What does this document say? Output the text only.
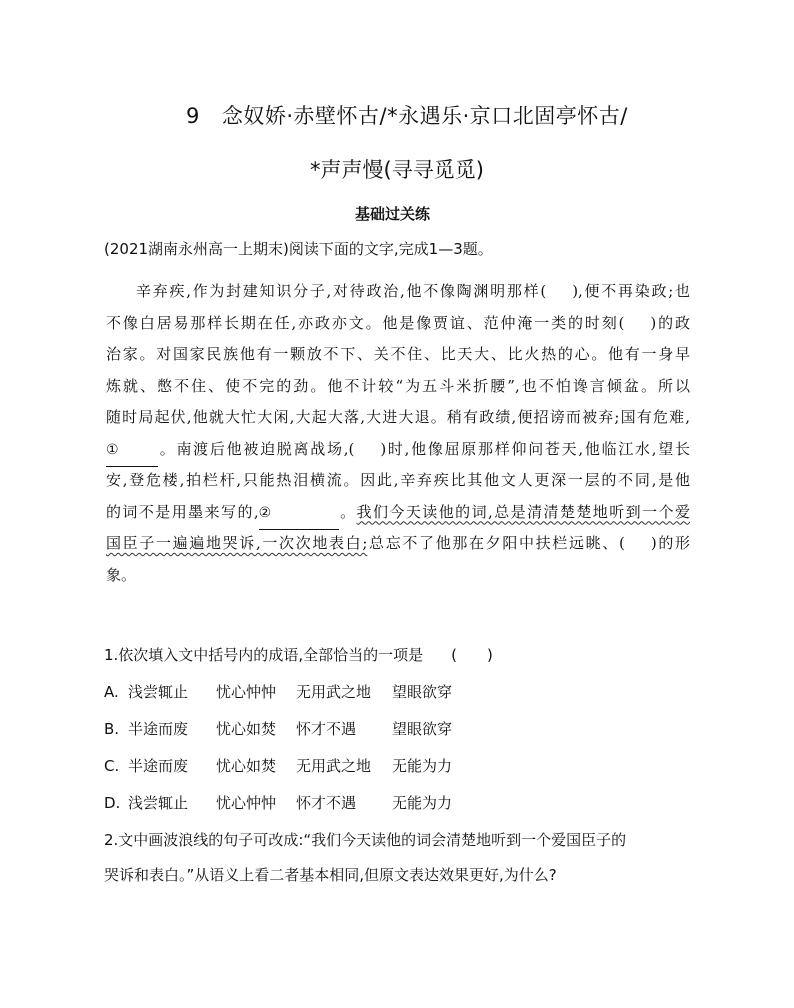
9 念奴娇·赤壁怀古/*永遇乐·京口北固亭怀古/
*声声慢(寻寻觅觅)
基础过关练
(2021湖南永州高一上期末)阅读下面的文字,完成1—3题。
辛弃疾,作为封建知识分子,对待政治,他不像陶渊明那样( ),便不再染政;也
不像白居易那样长期在任,亦政亦文。他是像贾谊、范仲淹一类的时刻( )的政
治家。对国家民族他有一颗放不下、关不住、比天大、比火热的心。他有一身早
炼就、憋不住、使不完的劲。他不计较“为五斗米折腰”,也不怕谗言倾盆。所以
随时局起伏,他就大忙大闲,大起大落,大进大退。稍有政绩,便招谤而被弃;国有危难,
①	。南渡后他被迫脱离战场,( )时,他像屈原那样仰问苍天,他临江水,望长
安,登危楼,拍栏杆,只能热泪横流。因此,辛弃疾比其他文人更深一层的不同,是他
的词不是用墨来写的,②	。我们今天读他的词,总是清清楚楚地听到一个爱
国臣子一遍遍地哭诉,一次次地表白;总忘不了他那在夕阳中扶栏远眺、( )的形
象。
1.依次填入文中括号内的成语,全部恰当的一项是 (　　)
A. 浅尝辄止 忧心忡忡 无用武之地 望眼欲穿
B. 半途而废 忧心如焚 怀才不遇 望眼欲穿
C. 半途而废 忧心如焚 无用武之地 无能为力
D. 浅尝辄止 忧心忡忡 怀才不遇 无能为力
2.文中画波浪线的句子可改成:“我们今天读他的词会清楚地听到一个爱国臣子的
哭诉和表白。”从语义上看二者基本相同,但原文表达效果更好,为什么?
